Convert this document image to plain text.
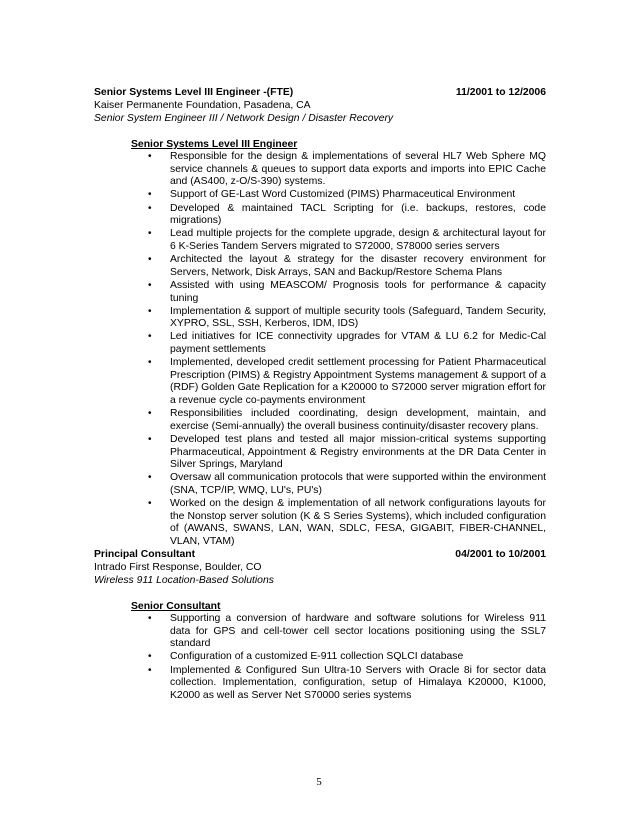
Senior Systems Level III Engineer -(FTE)	11/2001 to 12/2006
Kaiser Permanente Foundation, Pasadena, CA
Senior System Engineer III / Network Design / Disaster Recovery
Senior Systems Level III Engineer
• Responsible for the design & implementations of several HL7 Web Sphere MQ service channels & queues to support data exports and imports into EPIC Cache and (AS400, z-O/S-390) systems.
• Support of GE-Last Word Customized (PIMS) Pharmaceutical Environment
• Developed & maintained TACL Scripting for (i.e. backups, restores, code migrations)
• Lead multiple projects for the complete upgrade, design & architectural layout for 6 K-Series Tandem Servers migrated to S72000, S78000 series servers
• Architected the layout & strategy for the disaster recovery environment for Servers, Network, Disk Arrays, SAN and Backup/Restore Schema Plans
• Assisted with using MEASCOM/ Prognosis tools for performance & capacity tuning
• Implementation & support of multiple security tools (Safeguard, Tandem Security, XYPRO, SSL, SSH, Kerberos, IDM, IDS)
• Led initiatives for ICE connectivity upgrades for VTAM & LU 6.2 for Medic-Cal payment settlements
• Implemented, developed credit settlement processing for Patient Pharmaceutical Prescription (PIMS) & Registry Appointment Systems management & support of a (RDF) Golden Gate Replication for a K20000 to S72000 server migration effort for a revenue cycle co-payments environment
• Responsibilities included coordinating, design development, maintain, and exercise (Semi-annually) the overall business continuity/disaster recovery plans.
• Developed test plans and tested all major mission-critical systems supporting Pharmaceutical, Appointment & Registry environments at the DR Data Center in Silver Springs, Maryland
• Oversaw all communication protocols that were supported within the environment (SNA, TCP/IP, WMQ, LU's, PU's)
• Worked on the design & implementation of all network configurations layouts for the Nonstop server solution (K & S Series Systems), which included configuration of (AWANS, SWANS, LAN, WAN, SDLC, FESA, GIGABIT, FIBER-CHANNEL, VLAN, VTAM)
Principal Consultant	04/2001 to 10/2001
Intrado First Response, Boulder, CO
Wireless 911 Location-Based Solutions
Senior Consultant
• Supporting a conversion of hardware and software solutions for Wireless 911 data for GPS and cell-tower cell sector locations positioning using the SSL7 standard
• Configuration of a customized E-911 collection SQLCI database
• Implemented & Configured Sun Ultra-10 Servers with Oracle 8i for sector data collection. Implementation, configuration, setup of Himalaya K20000, K1000, K2000 as well as Server Net S70000 series systems
5
